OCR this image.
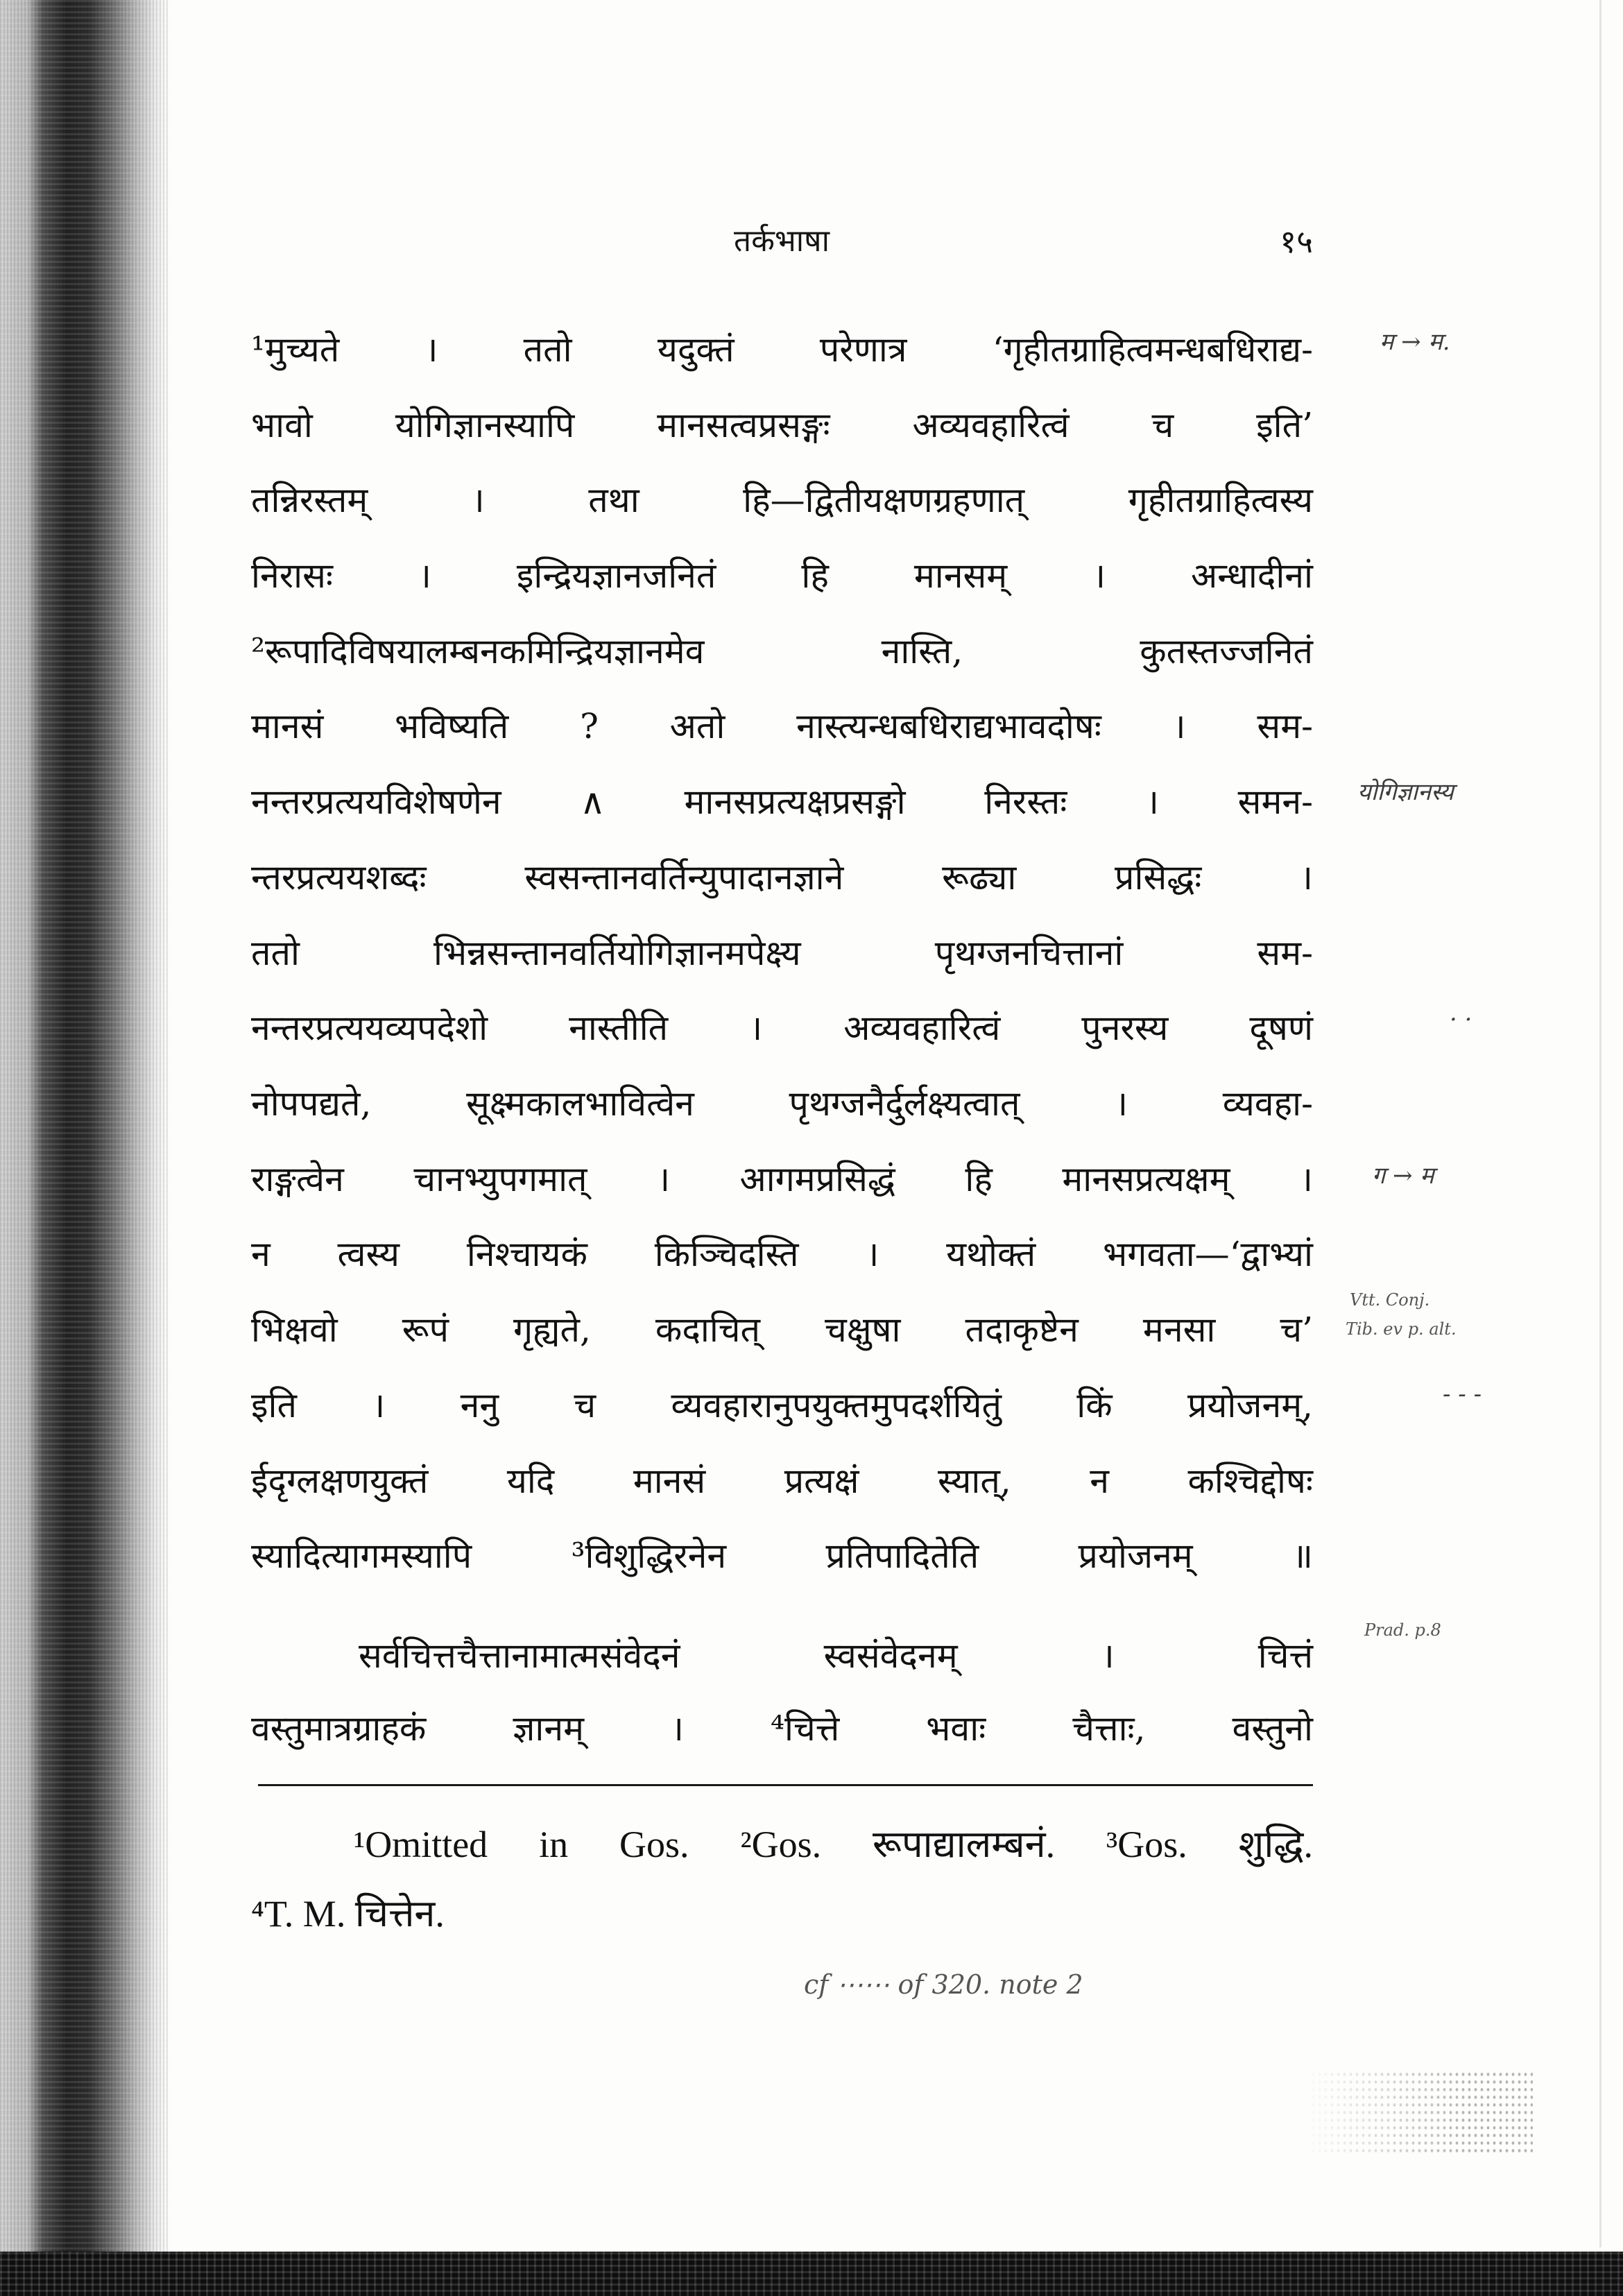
तर्कभाषा	१५
¹मुच्यते । ततो यदुक्तं परेणात्र ‘गृहीतग्राहित्वमन्धबधिराद्य-
भावो योगिज्ञानस्यापि मानसत्वप्रसङ्गः अव्यवहारित्वं च इति’
तन्निरस्तम् । तथा हि—द्वितीयक्षणग्रहणात् गृहीतग्राहित्वस्य
निरासः । इन्द्रियज्ञानजनितं हि मानसम् । अन्धादीनां
²रूपादिविषयालम्बनकमिन्द्रियज्ञानमेव नास्ति, कुतस्तज्जनितं
मानसं भविष्यति ? अतो नास्त्यन्धबधिराद्यभावदोषः । सम-
नन्तरप्रत्ययविशेषणेन ∧ मानसप्रत्यक्षप्रसङ्गो निरस्तः । समन-
न्तरप्रत्ययशब्दः स्वसन्तानवर्तिन्युपादानज्ञाने रूढ्या प्रसिद्धः ।
ततो भिन्नसन्तानवर्तियोगिज्ञानमपेक्ष्य पृथग्जनचित्तानां सम-
नन्तरप्रत्ययव्यपदेशो नास्तीति । अव्यवहारित्वं पुनरस्य दूषणं
नोपपद्यते, सूक्ष्मकालभावित्वेन पृथग्जनैर्दुर्लक्ष्यत्वात् । व्यवहा-
राङ्गत्वेन चानभ्युपगमात् । आगमप्रसिद्धं हि मानसप्रत्यक्षम् ।
न त्वस्य निश्चायकं किञ्चिदस्ति । यथोक्तं भगवता—‘द्वाभ्यां
भिक्षवो रूपं गृह्यते, कदाचित् चक्षुषा तदाकृष्टेन मनसा च’
इति । ननु च व्यवहारानुपयुक्तमुपदर्शयितुं किं प्रयोजनम्,
ईदृग्लक्षणयुक्तं यदि मानसं प्रत्यक्षं स्यात्, न कश्चिद्दोषः
स्यादित्यागमस्यापि ³विशुद्धिरनेन प्रतिपादितेति प्रयोजनम् ॥
सर्वचित्तचैत्तानामात्मसंवेदनं स्वसंवेदनम् । चित्तं
वस्तुमात्रग्राहकं ज्ञानम् । ⁴चित्ते भवाः चैत्ताः, वस्तुनो
¹Omitted in Gos. ²Gos. रूपाद्यालम्बनं. ³Gos. शुद्धि.
⁴T. M. चित्तेन.
म → म.
योगिज्ञानस्य
· ·
ग → म
Vtt. Conj.
Tib. ev p. alt.
- - -
Prad. p.8
cf ⋯⋯ of 320. note 2
